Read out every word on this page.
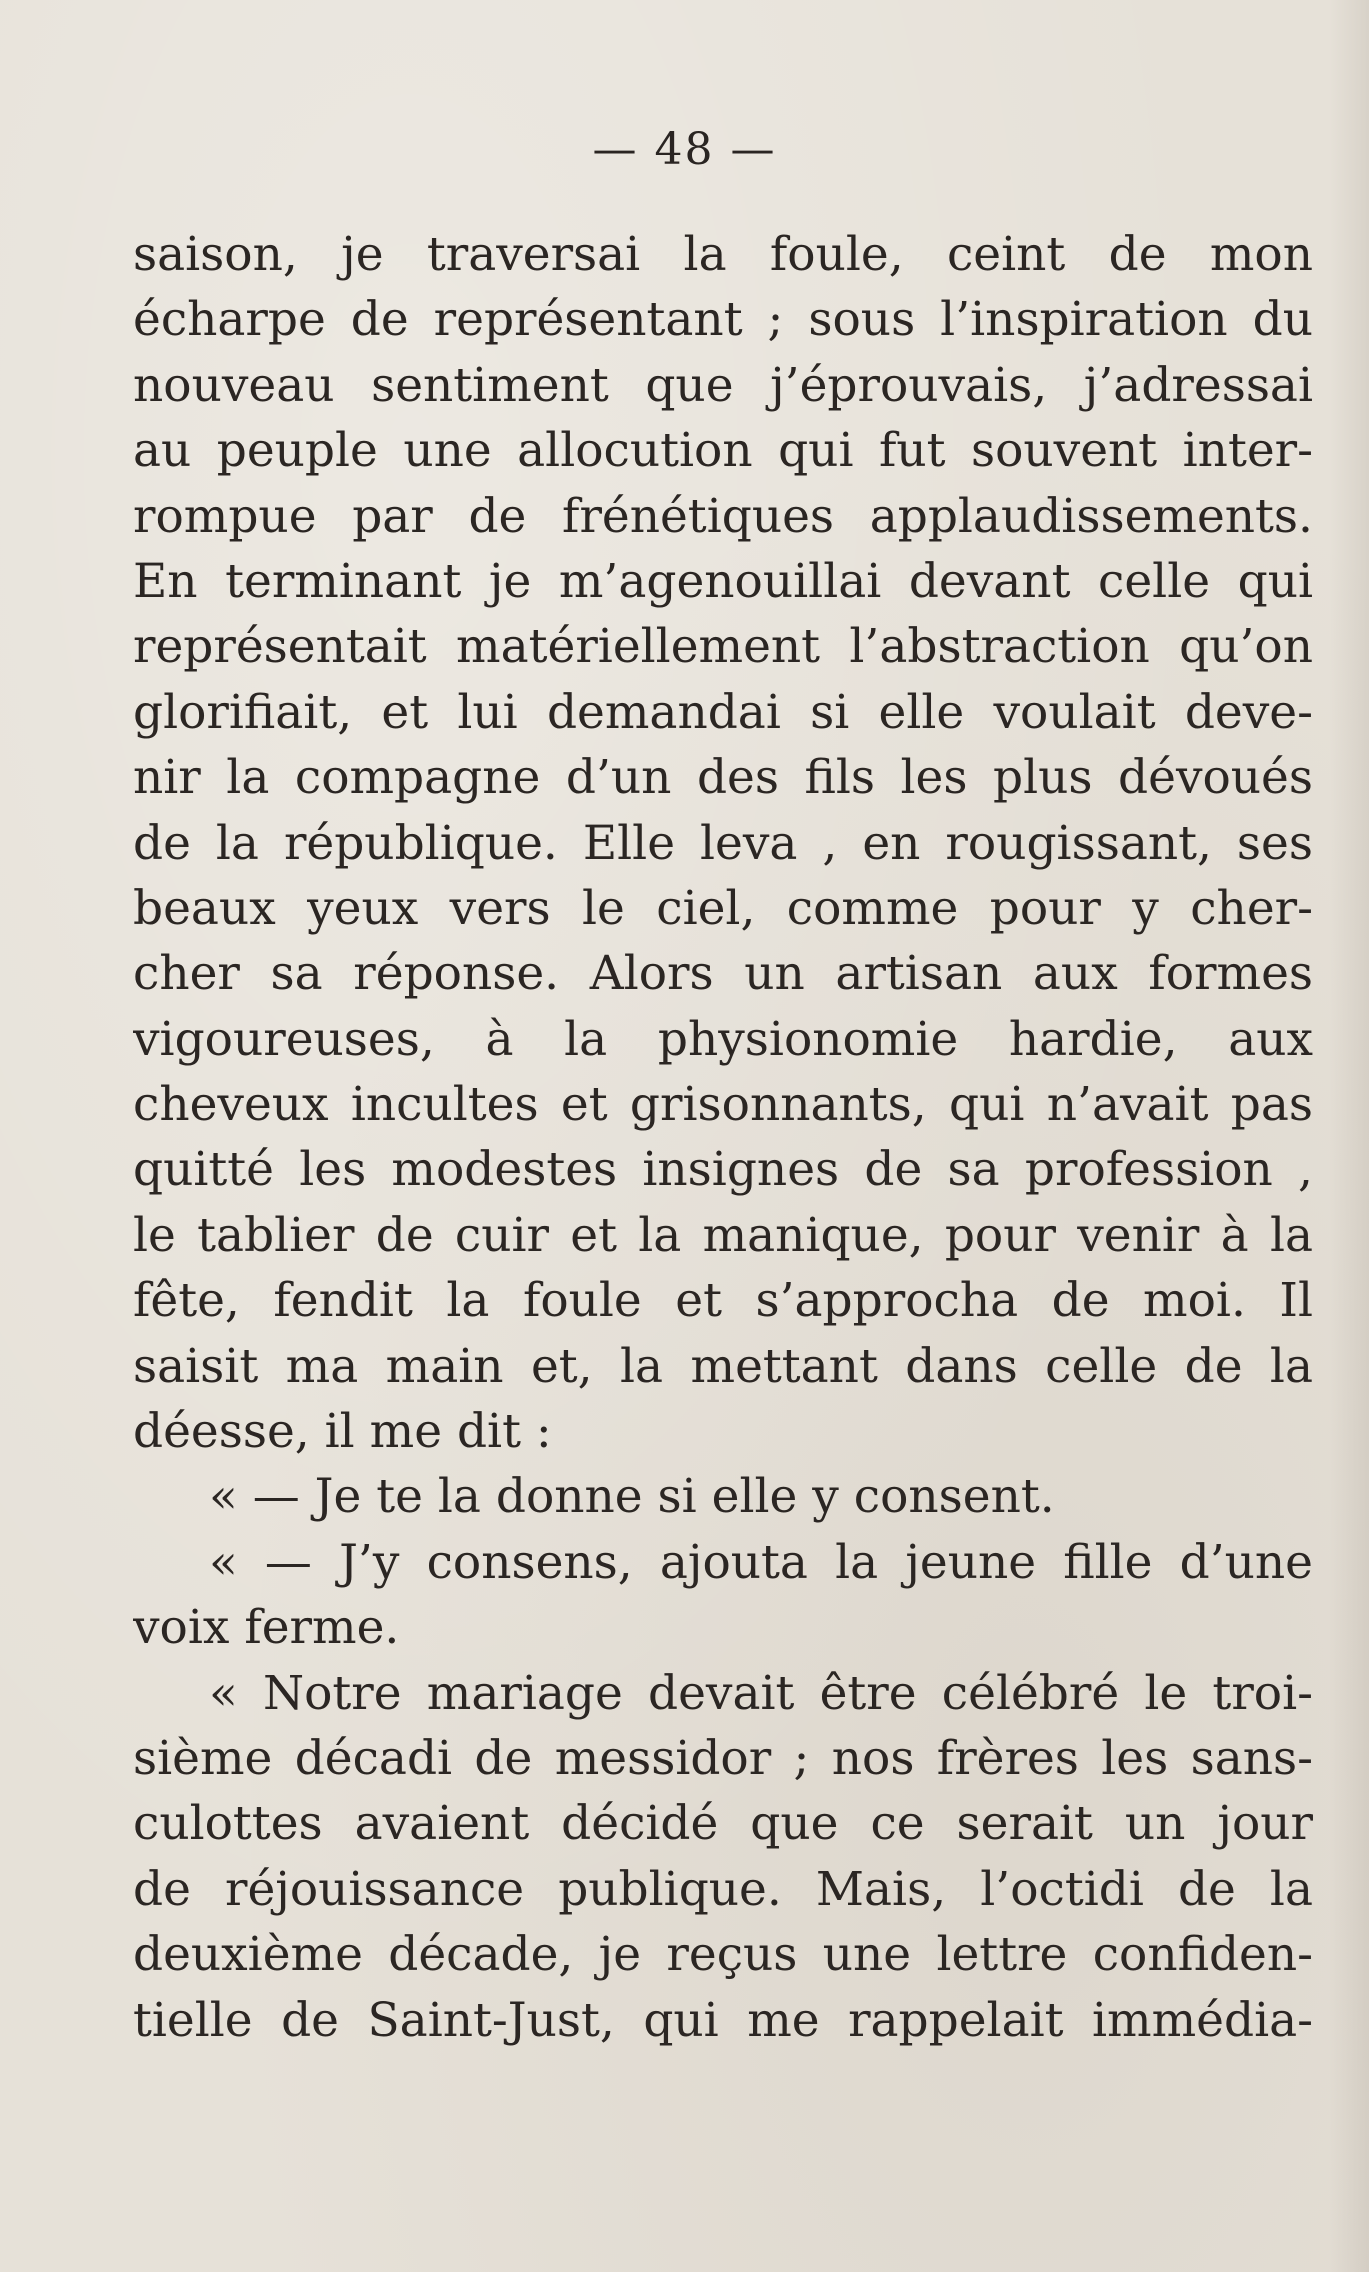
— 48 —
saison, je traversai la foule, ceint de mon
écharpe de représentant ; sous l’inspiration du
nouveau sentiment que j’éprouvais, j’adressai
au peuple une allocution qui fut souvent inter-
rompue par de frénétiques applaudissements.
En terminant je m’agenouillai devant celle qui
représentait matériellement l’abstraction qu’on
glorifiait, et lui demandai si elle voulait deve-
nir la compagne d’un des fils les plus dévoués
de la république. Elle leva , en rougissant, ses
beaux yeux vers le ciel, comme pour y cher-
cher sa réponse. Alors un artisan aux formes
vigoureuses, à la physionomie hardie, aux
cheveux incultes et grisonnants, qui n’avait pas
quitté les modestes insignes de sa profession ,
le tablier de cuir et la manique, pour venir à la
fête, fendit la foule et s’approcha de moi. Il
saisit ma main et, la mettant dans celle de la
déesse, il me dit :
« — Je te la donne si elle y consent.
« — J’y consens, ajouta la jeune fille d’une
voix ferme.
« Notre mariage devait être célébré le troi-
sième décadi de messidor ; nos frères les sans-
culottes avaient décidé que ce serait un jour
de réjouissance publique. Mais, l’octidi de la
deuxième décade, je reçus une lettre confiden-
tielle de Saint-Just, qui me rappelait immédia-
